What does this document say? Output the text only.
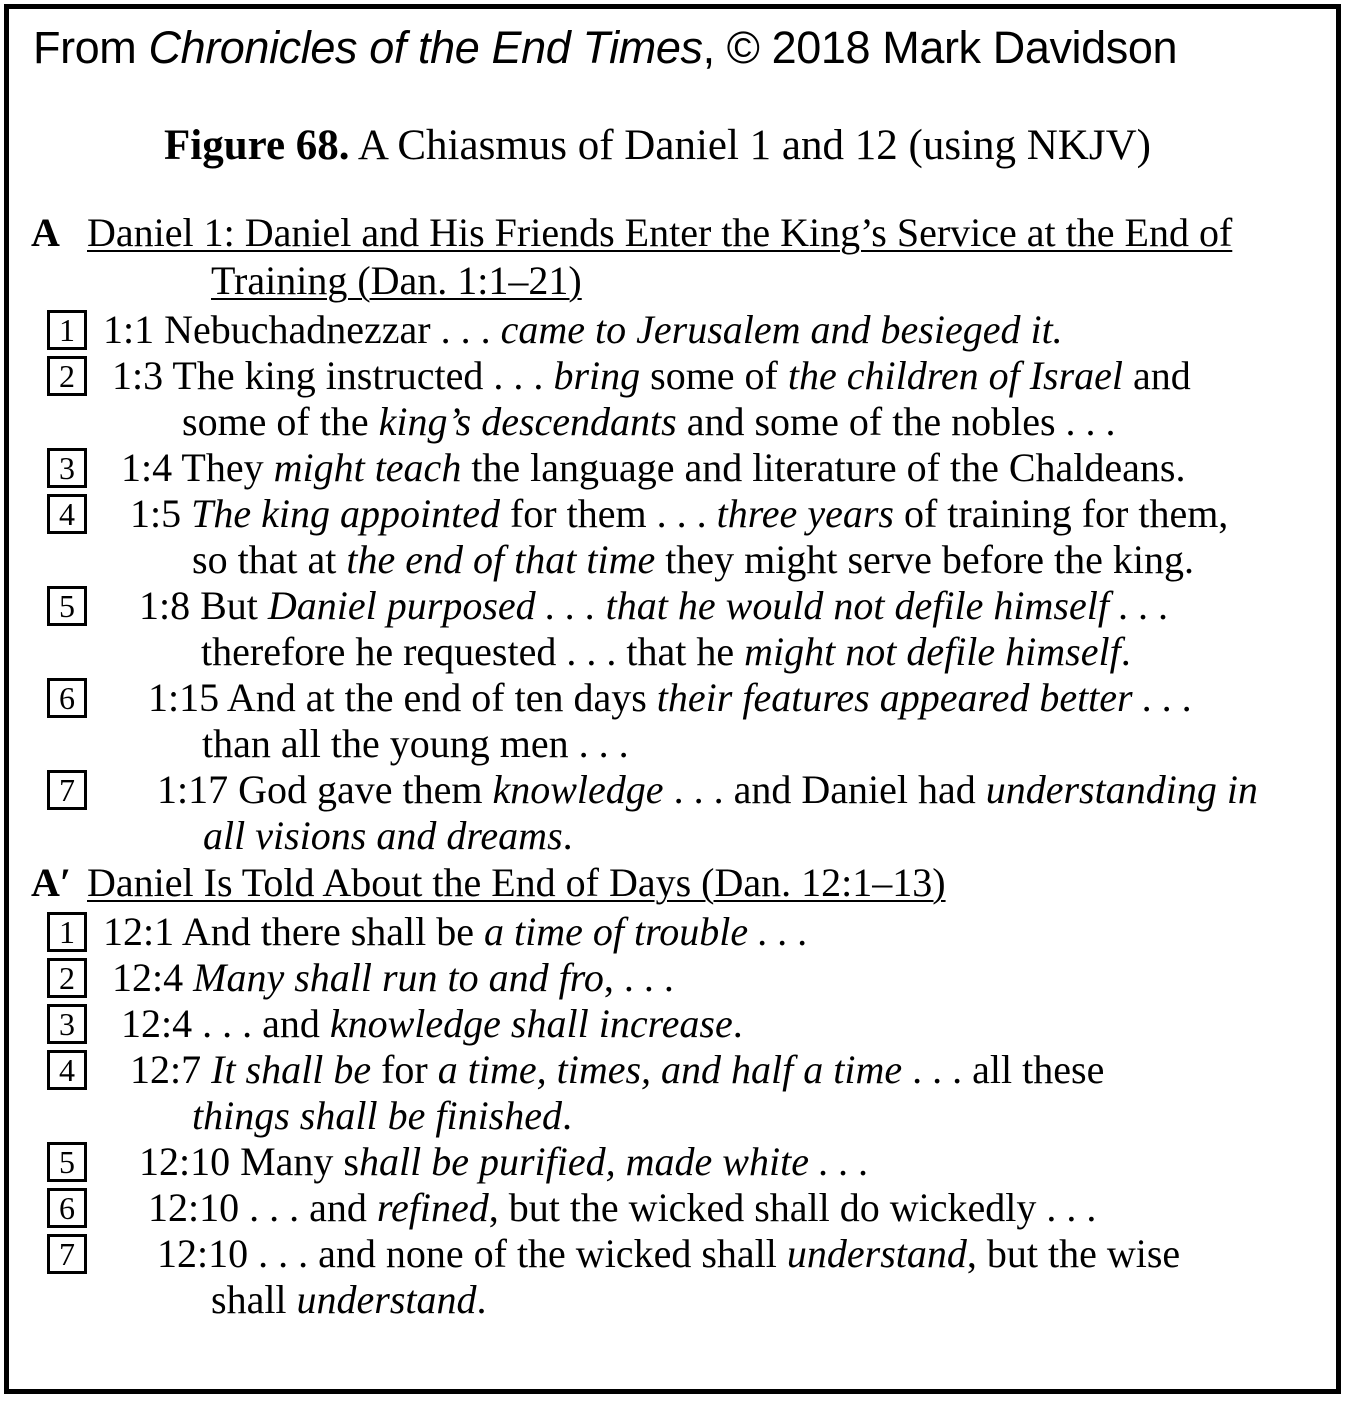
From Chronicles of the End Times, © 2018 Mark Davidson
Figure 68. A Chiasmus of Daniel 1 and 12 (using NKJV)
A Daniel 1: Daniel and His Friends Enter the King’s Service at the End of
Training (Dan. 1:1–21)
1 1:1 Nebuchadnezzar . . . came to Jerusalem and besieged it.
2 1:3 The king instructed . . . bring some of the children of Israel and
some of the king’s descendants and some of the nobles . . .
3	1:4 They might teach the language and literature of the Chaldeans.
4	1:5 The king appointed for them . . . three years of training for them,
so that at the end of that time they might serve before the king.
5	1:8 But Daniel purposed . . . that he would not defile himself . . .
therefore he requested . . . that he might not defile himself.
6	1:15 And at the end of ten days their features appeared better . . .
than all the young men . . .
7	1:17 God gave them knowledge . . . and Daniel had understanding in
all visions and dreams.
A′ Daniel Is Told About the End of Days (Dan. 12:1–13)
1 12:1 And there shall be a time of trouble . . .
2 12:4 Many shall run to and fro, . . .
3	12:4 . . . and knowledge shall increase.
4	12:7 It shall be for a time, times, and half a time . . . all these
things shall be finished.
5	12:10 Many shall be purified, made white . . .
6	12:10 . . . and refined, but the wicked shall do wickedly . . .
7	12:10 . . . and none of the wicked shall understand, but the wise
shall understand.
